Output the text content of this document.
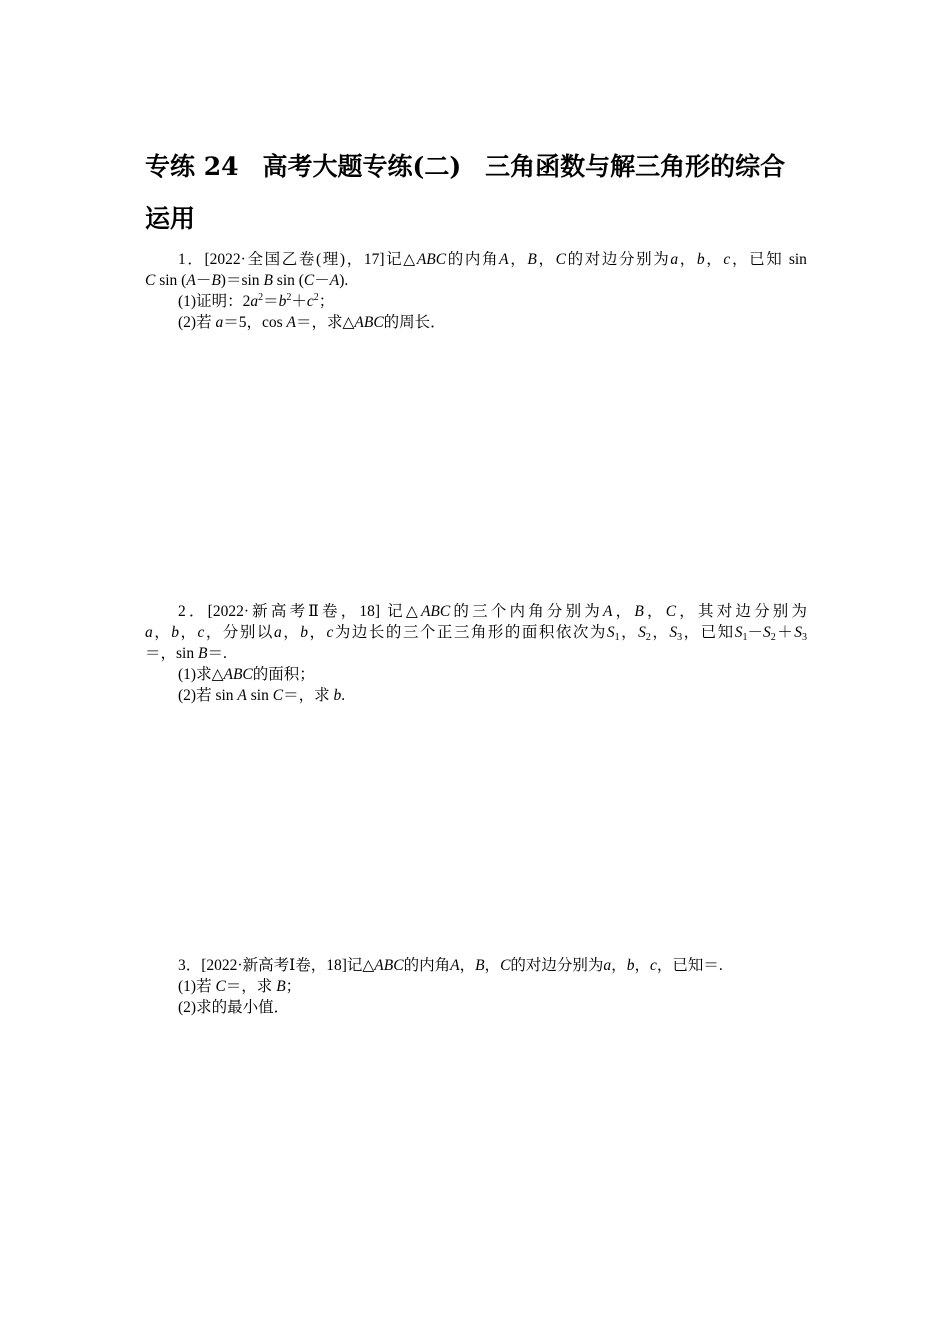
专练 24 高考大题专练(二) 三角函数与解三角形的综合
运用
1．[2022·全国乙卷(理)，17]记△ABC的内角A，B，C的对边分别为a，b，c，已知 sin
C sin (A－B)＝sin B sin (C－A).
(1)证明：$2a^2=b^2+c^2$；
(2)若 a＝5，cos A＝，求△ABC的周长．
2．[2022·新高考Ⅱ卷，18] 记△ABC的三个内角分别为A，B，C，其对边分别为
a，b，c，分别以a，b，c为边长的三个正三角形的面积依次为$S_1$，$S_2$，$S_3$，已知$S_1-S_2+S_3$
＝，sin B＝.
(1)求△ABC的面积；
(2)若 sin A sin C＝，求 b.
3．[2022·新高考Ⅰ卷，18]记△ABC的内角A，B，C的对边分别为a，b，c，已知＝.
(1)若 C＝，求 B；
(2)求的最小值．
